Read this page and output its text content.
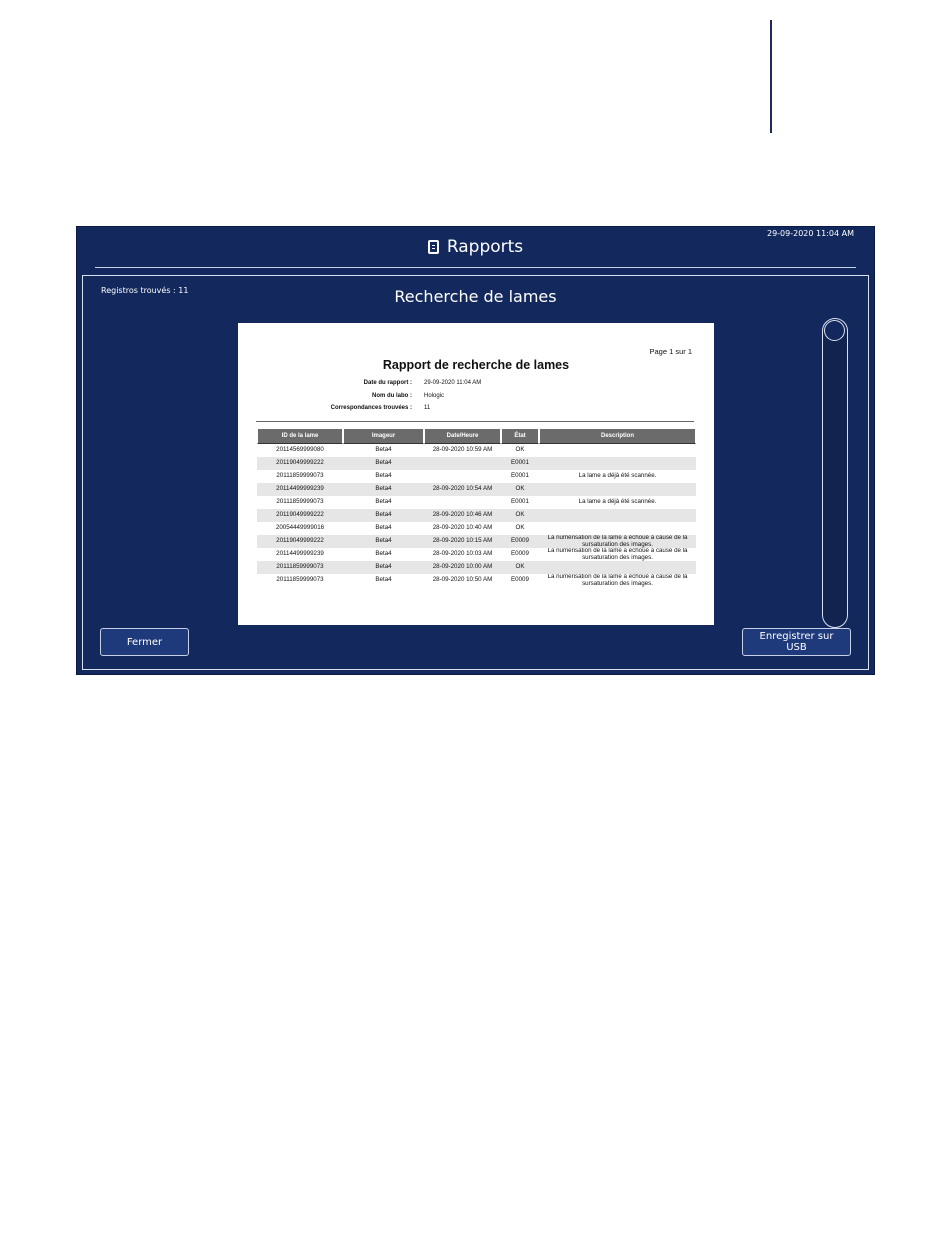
Rapports
29-09-2020 11:04 AM
Registros trouvés : 11	Recherche de lames
Page 1 sur 1
Rapport de recherche de lames
Date du rapport : 29-09-2020 11:04 AM
Nom du labo : Hologic
Correspondances trouvées : 11
ID de la lame	Imageur	Date/Heure	État	Description
20114569999080	Beta4	28-09-2020 10:59 AM	OK	
20119049999222	Beta4		E0001	
20111859999073	Beta4		E0001	La lame a déjà été scannée.
20114499999239	Beta4	28-09-2020 10:54 AM	OK	
20111859999073	Beta4		E0001	La lame a déjà été scannée.
20119049999222	Beta4	28-09-2020 10:46 AM	OK	
20054449999016	Beta4	28-09-2020 10:40 AM	OK	
20119049999222	Beta4	28-09-2020 10:15 AM	E0009	La numérisation de la lame a échoué à cause de la sursaturation des images.
20114499999239	Beta4	28-09-2020 10:03 AM	E0009	La numérisation de la lame a échoué à cause de la sursaturation des images.
20111859999073	Beta4	28-09-2020 10:00 AM	OK	
20111859999073	Beta4	28-09-2020 10:50 AM	E0009	La numérisation de la lame a échoué à cause de la sursaturation des images.
Fermer	Enregistrer sur USB
